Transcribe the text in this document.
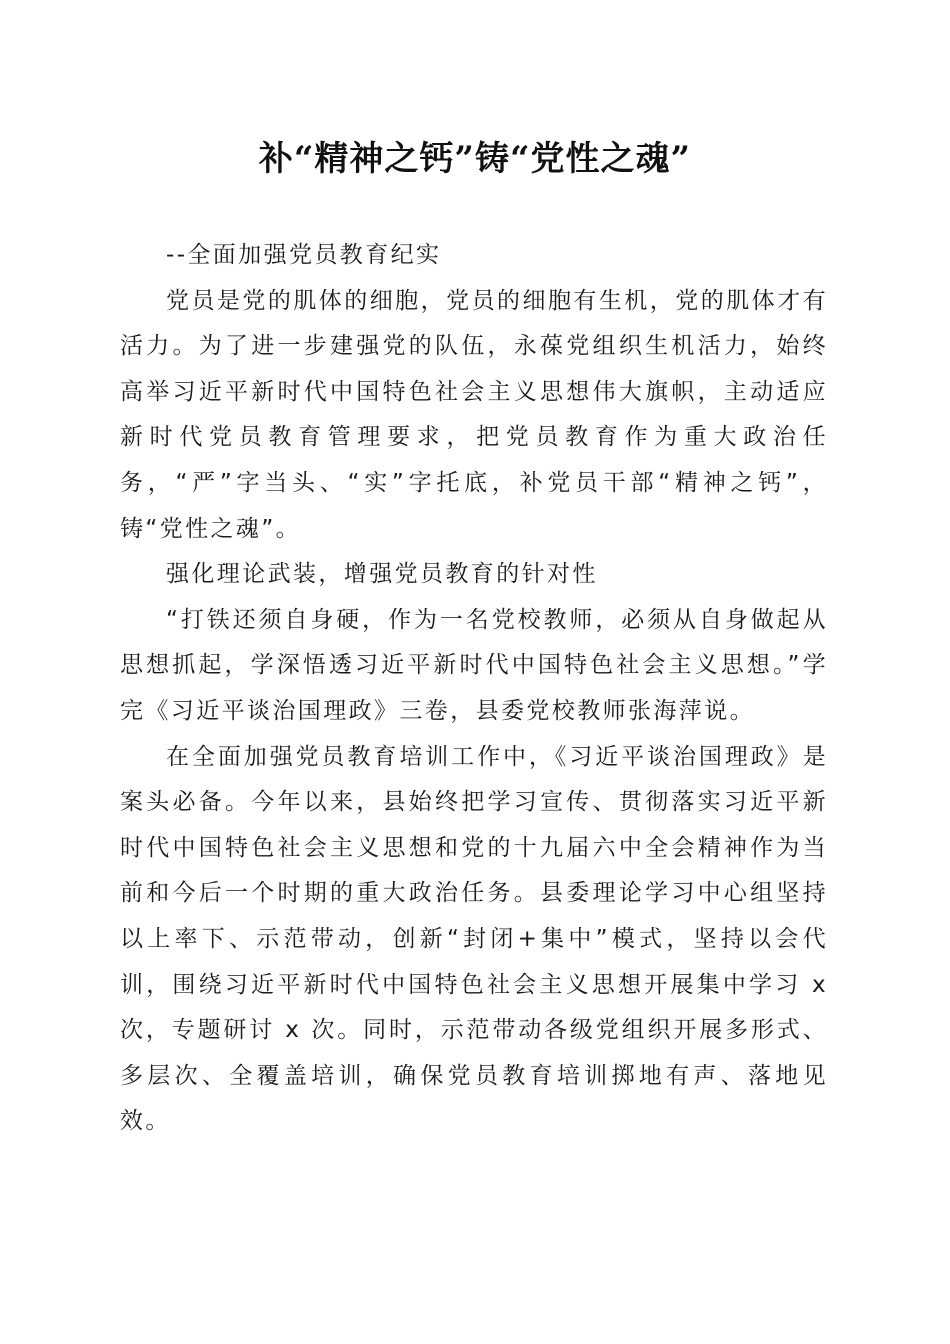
补“精神之钙”铸“党性之魂”

--全面加强党员教育纪实

党员是党的肌体的细胞，党员的细胞有生机，党的肌体才有活力。为了进一步建强党的队伍，永葆党组织生机活力，始终高举习近平新时代中国特色社会主义思想伟大旗帜，主动适应新时代党员教育管理要求，把党员教育作为重大政治任务，“严”字当头、“实”字托底，补党员干部“精神之钙”，铸“党性之魂”。

强化理论武装，增强党员教育的针对性

“打铁还须自身硬，作为一名党校教师，必须从自身做起从思想抓起，学深悟透习近平新时代中国特色社会主义思想。”学完《习近平谈治国理政》三卷，县委党校教师张海萍说。

在全面加强党员教育培训工作中，《习近平谈治国理政》是案头必备。今年以来，县始终把学习宣传、贯彻落实习近平新时代中国特色社会主义思想和党的十九届六中全会精神作为当前和今后一个时期的重大政治任务。县委理论学习中心组坚持以上率下、示范带动，创新“封闭+集中”模式，坚持以会代训，围绕习近平新时代中国特色社会主义思想开展集中学习 x 次，专题研讨 x 次。同时，示范带动各级党组织开展多形式、多层次、全覆盖培训，确保党员教育培训掷地有声、落地见效。
